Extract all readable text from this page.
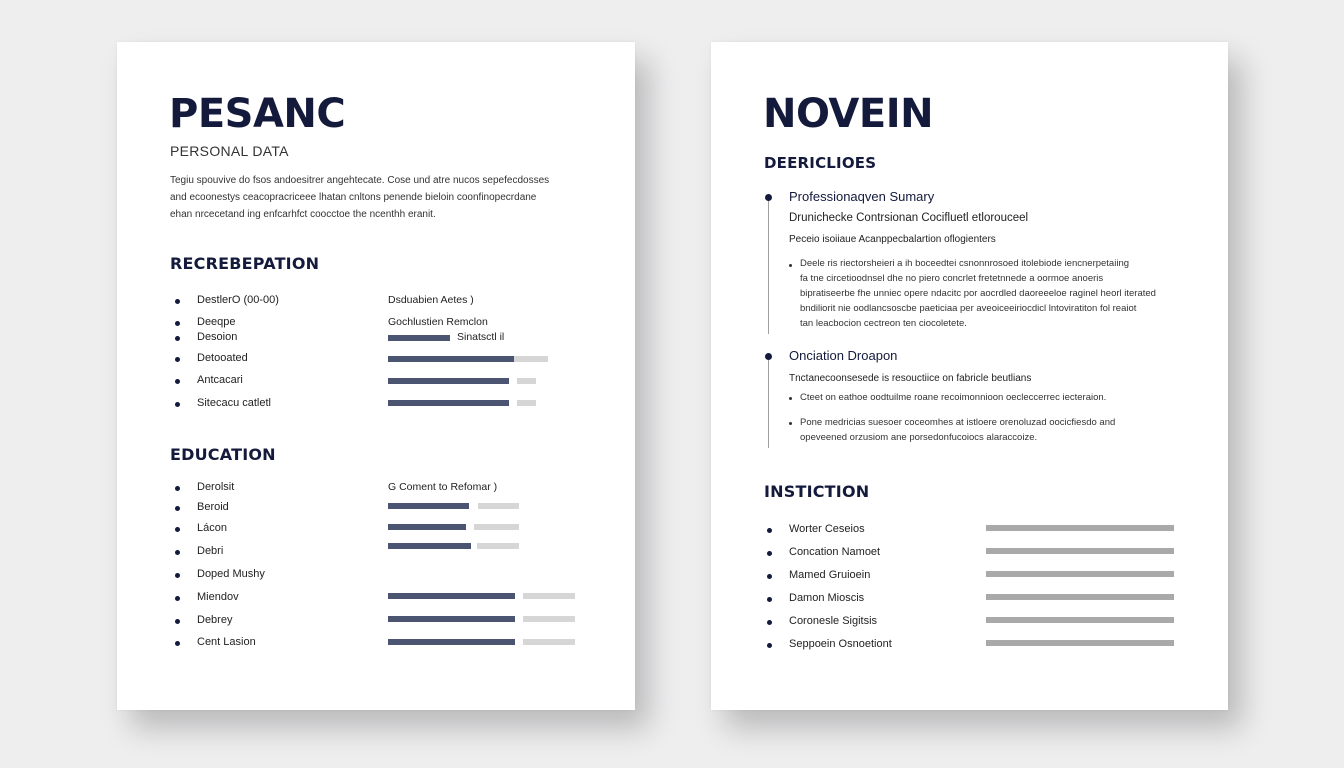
PESANC
PERSONAL DATA
Tegiu spouvive do fsos andoesitrer angehtecate. Cose und atre nucos sepefecdosses
and ecoonestys ceacopracriceee lhatan cnltons penende bieloin coonfinopecrdane
ehan nrcecetand ing enfcarhfct coocctoe the ncenthh eranit.
RECREBEPATION
DestlerO (00-00)
Deeqpe
Desoion
Detooated
Antcacari
Sitecacu catletl
Dsduabien Aetes )
Gochlustien Remclon
Sinatsctl il
EDUCATION
Derolsit
Beroid
Lácon
Debri
Doped Mushy
Miendov
Debrey
Cent Lasion
G Coment to Refomar )
NOVEIN
DEERICLIOES
Professionaqven Sumary
Drunichecke Contrsionan Cocifluetl etlorouceel
Peceio isoiiaue Acanppecbalartion oflogienters
Deele ris riectorsheieri a ih boceedtei csnonnrosoed itolebiode iencnerpetaiing
fa tne circetioodnsel dhe no piero concrlet fretetnnede a oormoe anoeris
bipratiseerbe fhe unniec opere ndacitc por aocrdled daoreeeloe raginel heorl iterated
bndiliorit nie oodlancsoscbe paeticiaa per aveoiceeiriocdicl lntoviratiton fol reaiot
tan leacbocion cectreon ten ciocoletete.
Onciation Droapon
Tnctanecoonsesede is resouctiice on fabricle beutlians
Cteet on eathoe oodtuilme roane recoimonnioon oecleccerrec iecteraion.
Pone medricias suesoer coceomhes at istloere orenoluzad oocicfiesdo and
opeveened orzusiom ane porsedonfucoiocs alaraccoize.
INSTICTION
Worter Ceseios
Concation Namoet
Mamed Gruioein
Damon Mioscis
Coronesle Sigitsis
Seppoein Osnoetiont
